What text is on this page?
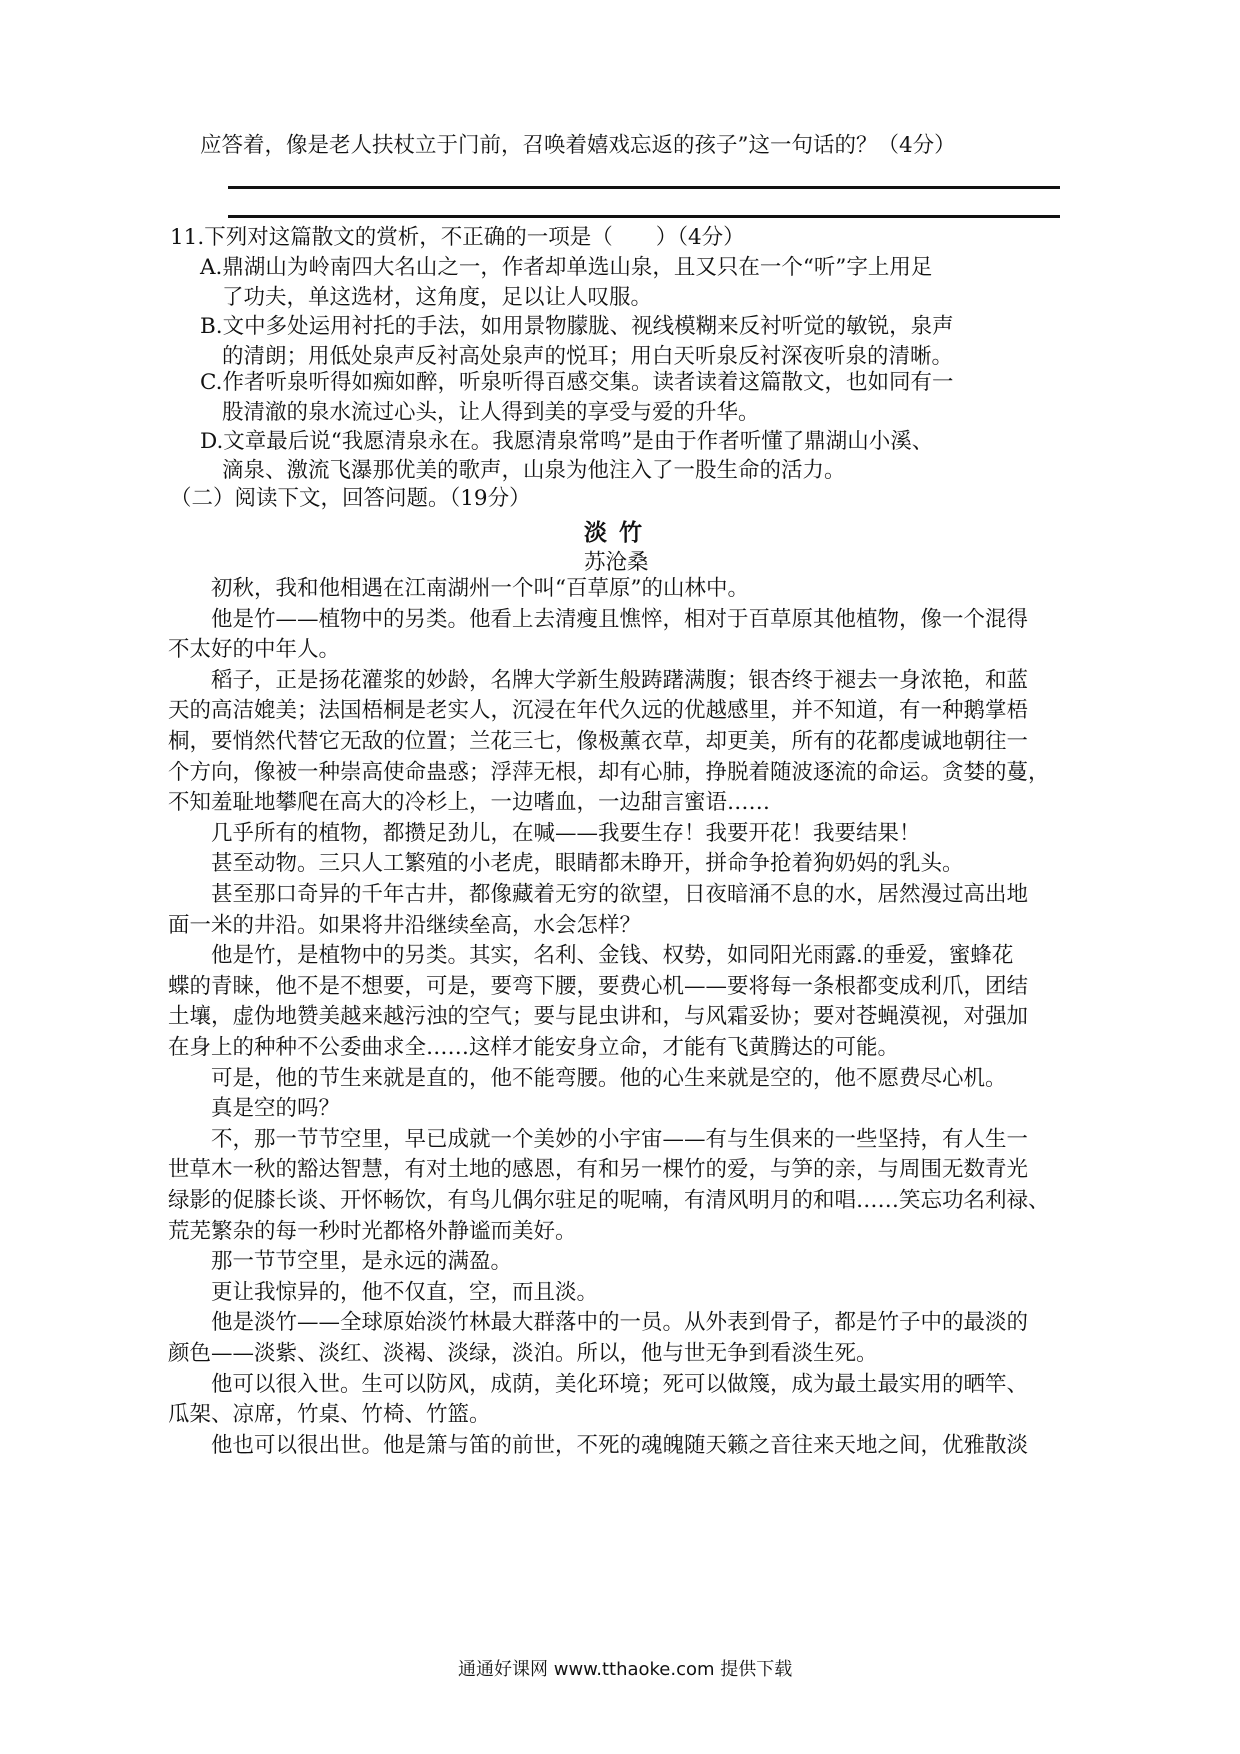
应答着，像是老人扶杖立于门前，召唤着嬉戏忘返的孩子”这一句话的？（4分）
11.下列对这篇散文的赏析，不正确的一项是（　　）（4分）
A.鼎湖山为岭南四大名山之一，作者却单选山泉，且又只在一个“听”字上用足
了功夫，单这选材，这角度，足以让人叹服。
B.文中多处运用衬托的手法，如用景物朦胧、视线模糊来反衬听觉的敏锐，泉声
的清朗；用低处泉声反衬高处泉声的悦耳；用白天听泉反衬深夜听泉的清晰。
C.作者听泉听得如痴如醉，听泉听得百感交集。读者读着这篇散文，也如同有一
股清澈的泉水流过心头，让人得到美的享受与爱的升华。
D.文章最后说“我愿清泉永在。我愿清泉常鸣”是由于作者听懂了鼎湖山小溪、
滴泉、激流飞瀑那优美的歌声，山泉为他注入了一股生命的活力。
（二）阅读下文，回答问题。（19分）
淡竹
苏沧桑
　　初秋，我和他相遇在江南湖州一个叫“百草原”的山林中。
　　他是竹——植物中的另类。他看上去清瘦且憔悴，相对于百草原其他植物，像一个混得
不太好的中年人。
　　稻子，正是扬花灌浆的妙龄，名牌大学新生般踌躇满腹；银杏终于褪去一身浓艳，和蓝
天的高洁媲美；法国梧桐是老实人，沉浸在年代久远的优越感里，并不知道，有一种鹅掌梧
桐，要悄然代替它无敌的位置；兰花三七，像极薰衣草，却更美，所有的花都虔诚地朝往一
个方向，像被一种崇高使命蛊惑；浮萍无根，却有心肺，挣脱着随波逐流的命运。贪婪的蔓，
不知羞耻地攀爬在高大的冷杉上，一边嗜血，一边甜言蜜语……
　　几乎所有的植物，都攒足劲儿，在喊——我要生存！我要开花！我要结果！
　　甚至动物。三只人工繁殖的小老虎，眼睛都未睁开，拼命争抢着狗奶妈的乳头。
　　甚至那口奇异的千年古井，都像藏着无穷的欲望，日夜暗涌不息的水，居然漫过高出地
面一米的井沿。如果将井沿继续垒高，水会怎样？
　　他是竹，是植物中的另类。其实，名利、金钱、权势，如同阳光雨露.的垂爱，蜜蜂花
蝶的青睐，他不是不想要，可是，要弯下腰，要费心机——要将每一条根都变成利爪，团结
土壤，虚伪地赞美越来越污浊的空气；要与昆虫讲和，与风霜妥协；要对苍蝇漠视，对强加
在身上的种种不公委曲求全……这样才能安身立命，才能有飞黄腾达的可能。
　　可是，他的节生来就是直的，他不能弯腰。他的心生来就是空的，他不愿费尽心机。
　　真是空的吗？
　　不，那一节节空里，早已成就一个美妙的小宇宙——有与生俱来的一些坚持，有人生一
世草木一秋的豁达智慧，有对土地的感恩，有和另一棵竹的爱，与笋的亲，与周围无数青光
绿影的促膝长谈、开怀畅饮，有鸟儿偶尔驻足的呢喃，有清风明月的和唱……笑忘功名利禄、
荒芜繁杂的每一秒时光都格外静谧而美好。
　　那一节节空里，是永远的满盈。
　　更让我惊异的，他不仅直，空，而且淡。
　　他是淡竹——全球原始淡竹林最大群落中的一员。从外表到骨子，都是竹子中的最淡的
颜色——淡紫、淡红、淡褐、淡绿，淡泊。所以，他与世无争到看淡生死。
　　他可以很入世。生可以防风，成荫，美化环境；死可以做篾，成为最土最实用的晒竿、
瓜架、凉席，竹桌、竹椅、竹篮。
　　他也可以很出世。他是箫与笛的前世，不死的魂魄随天籁之音往来天地之间，优雅散淡
通通好课网 www.tthaoke.com 提供下载
